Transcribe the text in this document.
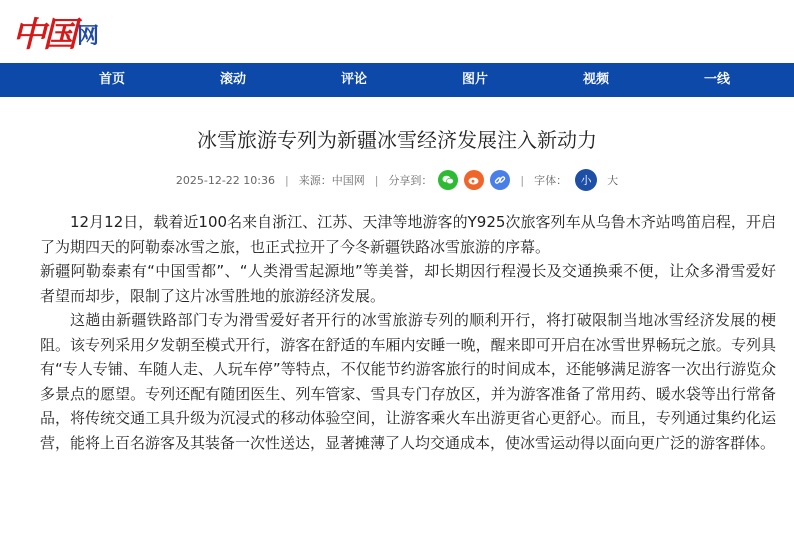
中国 网
首页	滚动	评论	图片	视频	一线
冰雪旅游专列为新疆冰雪经济发展注入新动力
2025-12-22 10:36 | 来源：中国网 | 分享到：	| 字体：	小	大

12月12日，载着近100名来自浙江、江苏、天津等地游客的Y925次旅客列车从乌鲁木齐站鸣笛启程，开启了为期四天的阿勒泰冰雪之旅，也正式拉开了今冬新疆铁路冰雪旅游的序幕。

新疆阿勒泰素有“中国雪都”、“人类滑雪起源地”等美誉，却长期因行程漫长及交通换乘不便，让众多滑雪爱好者望而却步，限制了这片冰雪胜地的旅游经济发展。

这趟由新疆铁路部门专为滑雪爱好者开行的冰雪旅游专列的顺利开行，将打破限制当地冰雪经济发展的梗阻。该专列采用夕发朝至模式开行，游客在舒适的车厢内安睡一晚，醒来即可开启在冰雪世界畅玩之旅。专列具有“专人专铺、车随人走、人玩车停”等特点，不仅能节约游客旅行的时间成本，还能够满足游客一次出行游览众多景点的愿望。专列还配有随团医生、列车管家、雪具专门存放区，并为游客准备了常用药、暖水袋等出行常备品，将传统交通工具升级为沉浸式的移动体验空间，让游客乘火车出游更省心更舒心。而且，专列通过集约化运营，能将上百名游客及其装备一次性送达，显著摊薄了人均交通成本，使冰雪运动得以面向更广泛的游客群体。
